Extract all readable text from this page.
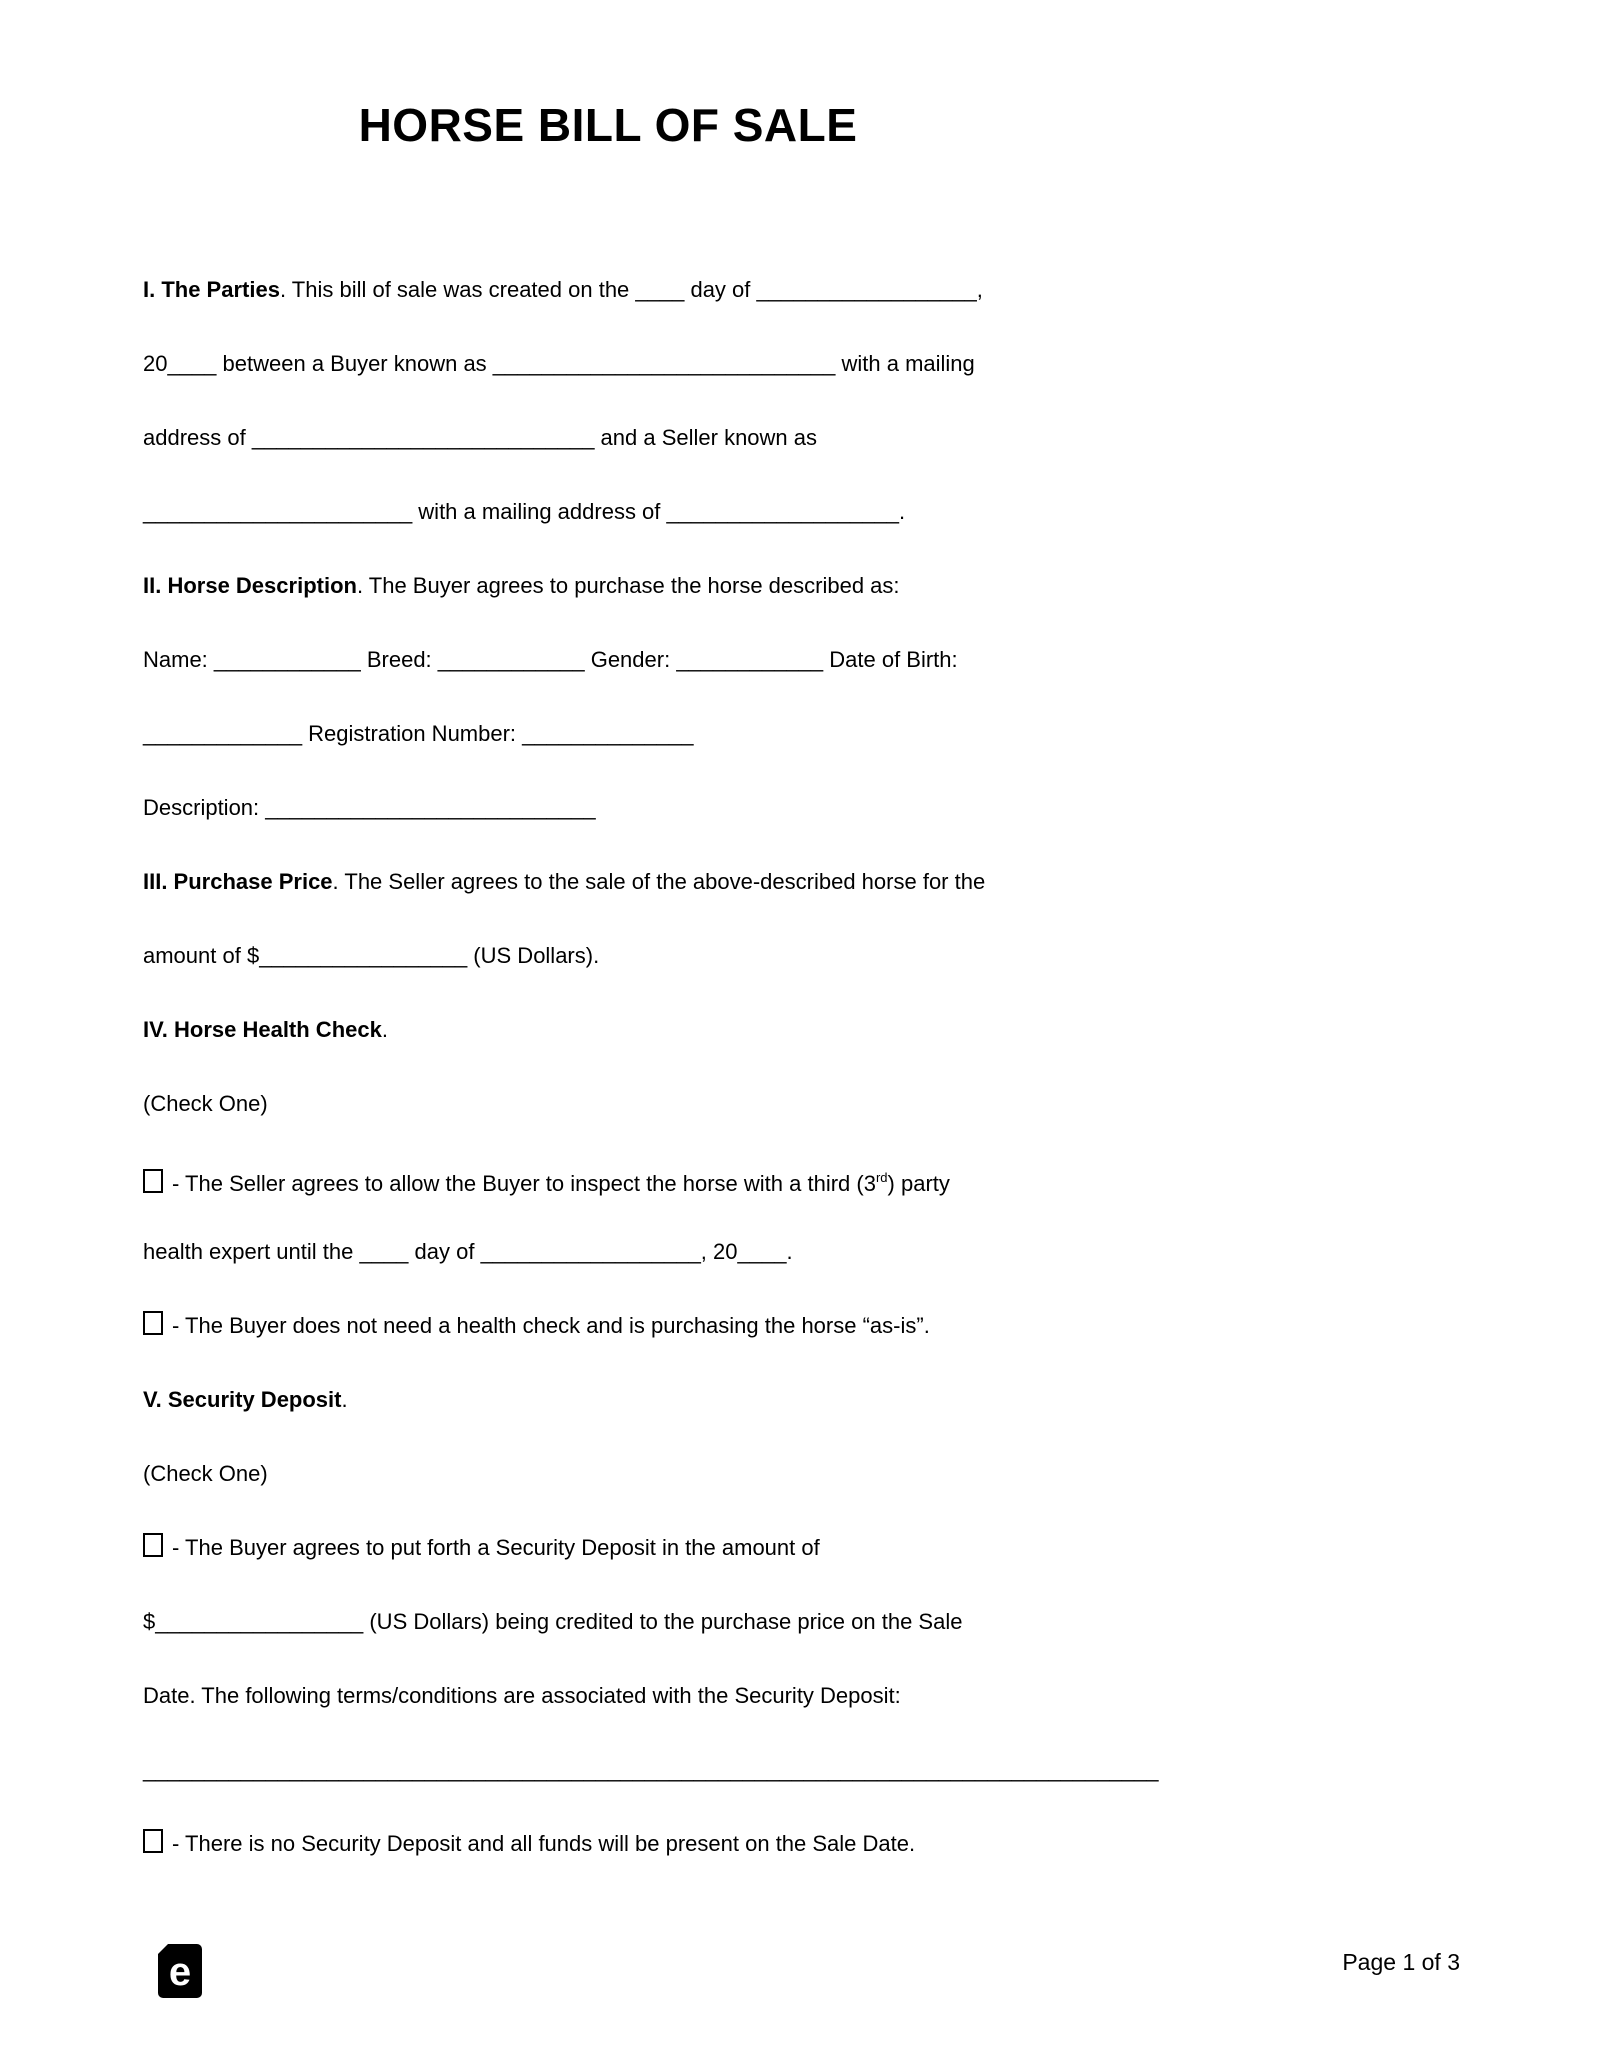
HORSE BILL OF SALE
I. The Parties. This bill of sale was created on the ____ day of __________________,
20____ between a Buyer known as ____________________________ with a mailing
address of ____________________________ and a Seller known as
______________________ with a mailing address of ___________________.
II. Horse Description. The Buyer agrees to purchase the horse described as:
Name: ____________ Breed: ____________ Gender: ____________ Date of Birth:
_____________ Registration Number: ______________
Description: ___________________________
III. Purchase Price. The Seller agrees to the sale of the above-described horse for the
amount of $_________________ (US Dollars).
IV. Horse Health Check.
(Check One)
- The Seller agrees to allow the Buyer to inspect the horse with a third (3rd) party
health expert until the ____ day of __________________, 20____.
- The Buyer does not need a health check and is purchasing the horse “as-is”.
V. Security Deposit.
(Check One)
- The Buyer agrees to put forth a Security Deposit in the amount of
$_________________ (US Dollars) being credited to the purchase price on the Sale
Date. The following terms/conditions are associated with the Security Deposit:
___________________________________________________________________________________
- There is no Security Deposit and all funds will be present on the Sale Date.
e	Page 1 of 3
